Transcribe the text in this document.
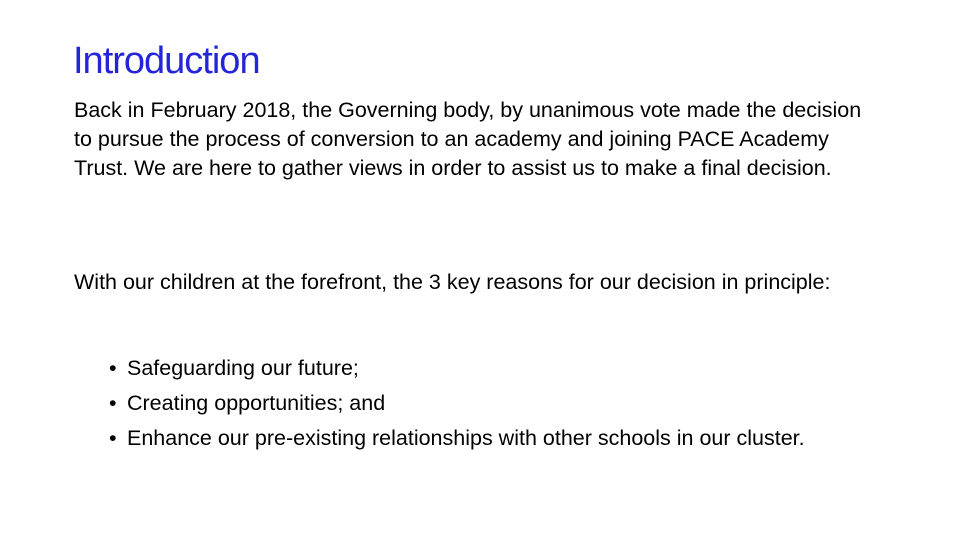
Introduction

Back in February 2018, the Governing body, by unanimous vote made the decision to pursue the process of conversion to an academy and joining PACE Academy Trust. We are here to gather views in order to assist us to make a final decision.

With our children at the forefront, the 3 key reasons for our decision in principle:

• Safeguarding our future;
• Creating opportunities; and
• Enhance our pre-existing relationships with other schools in our cluster.
